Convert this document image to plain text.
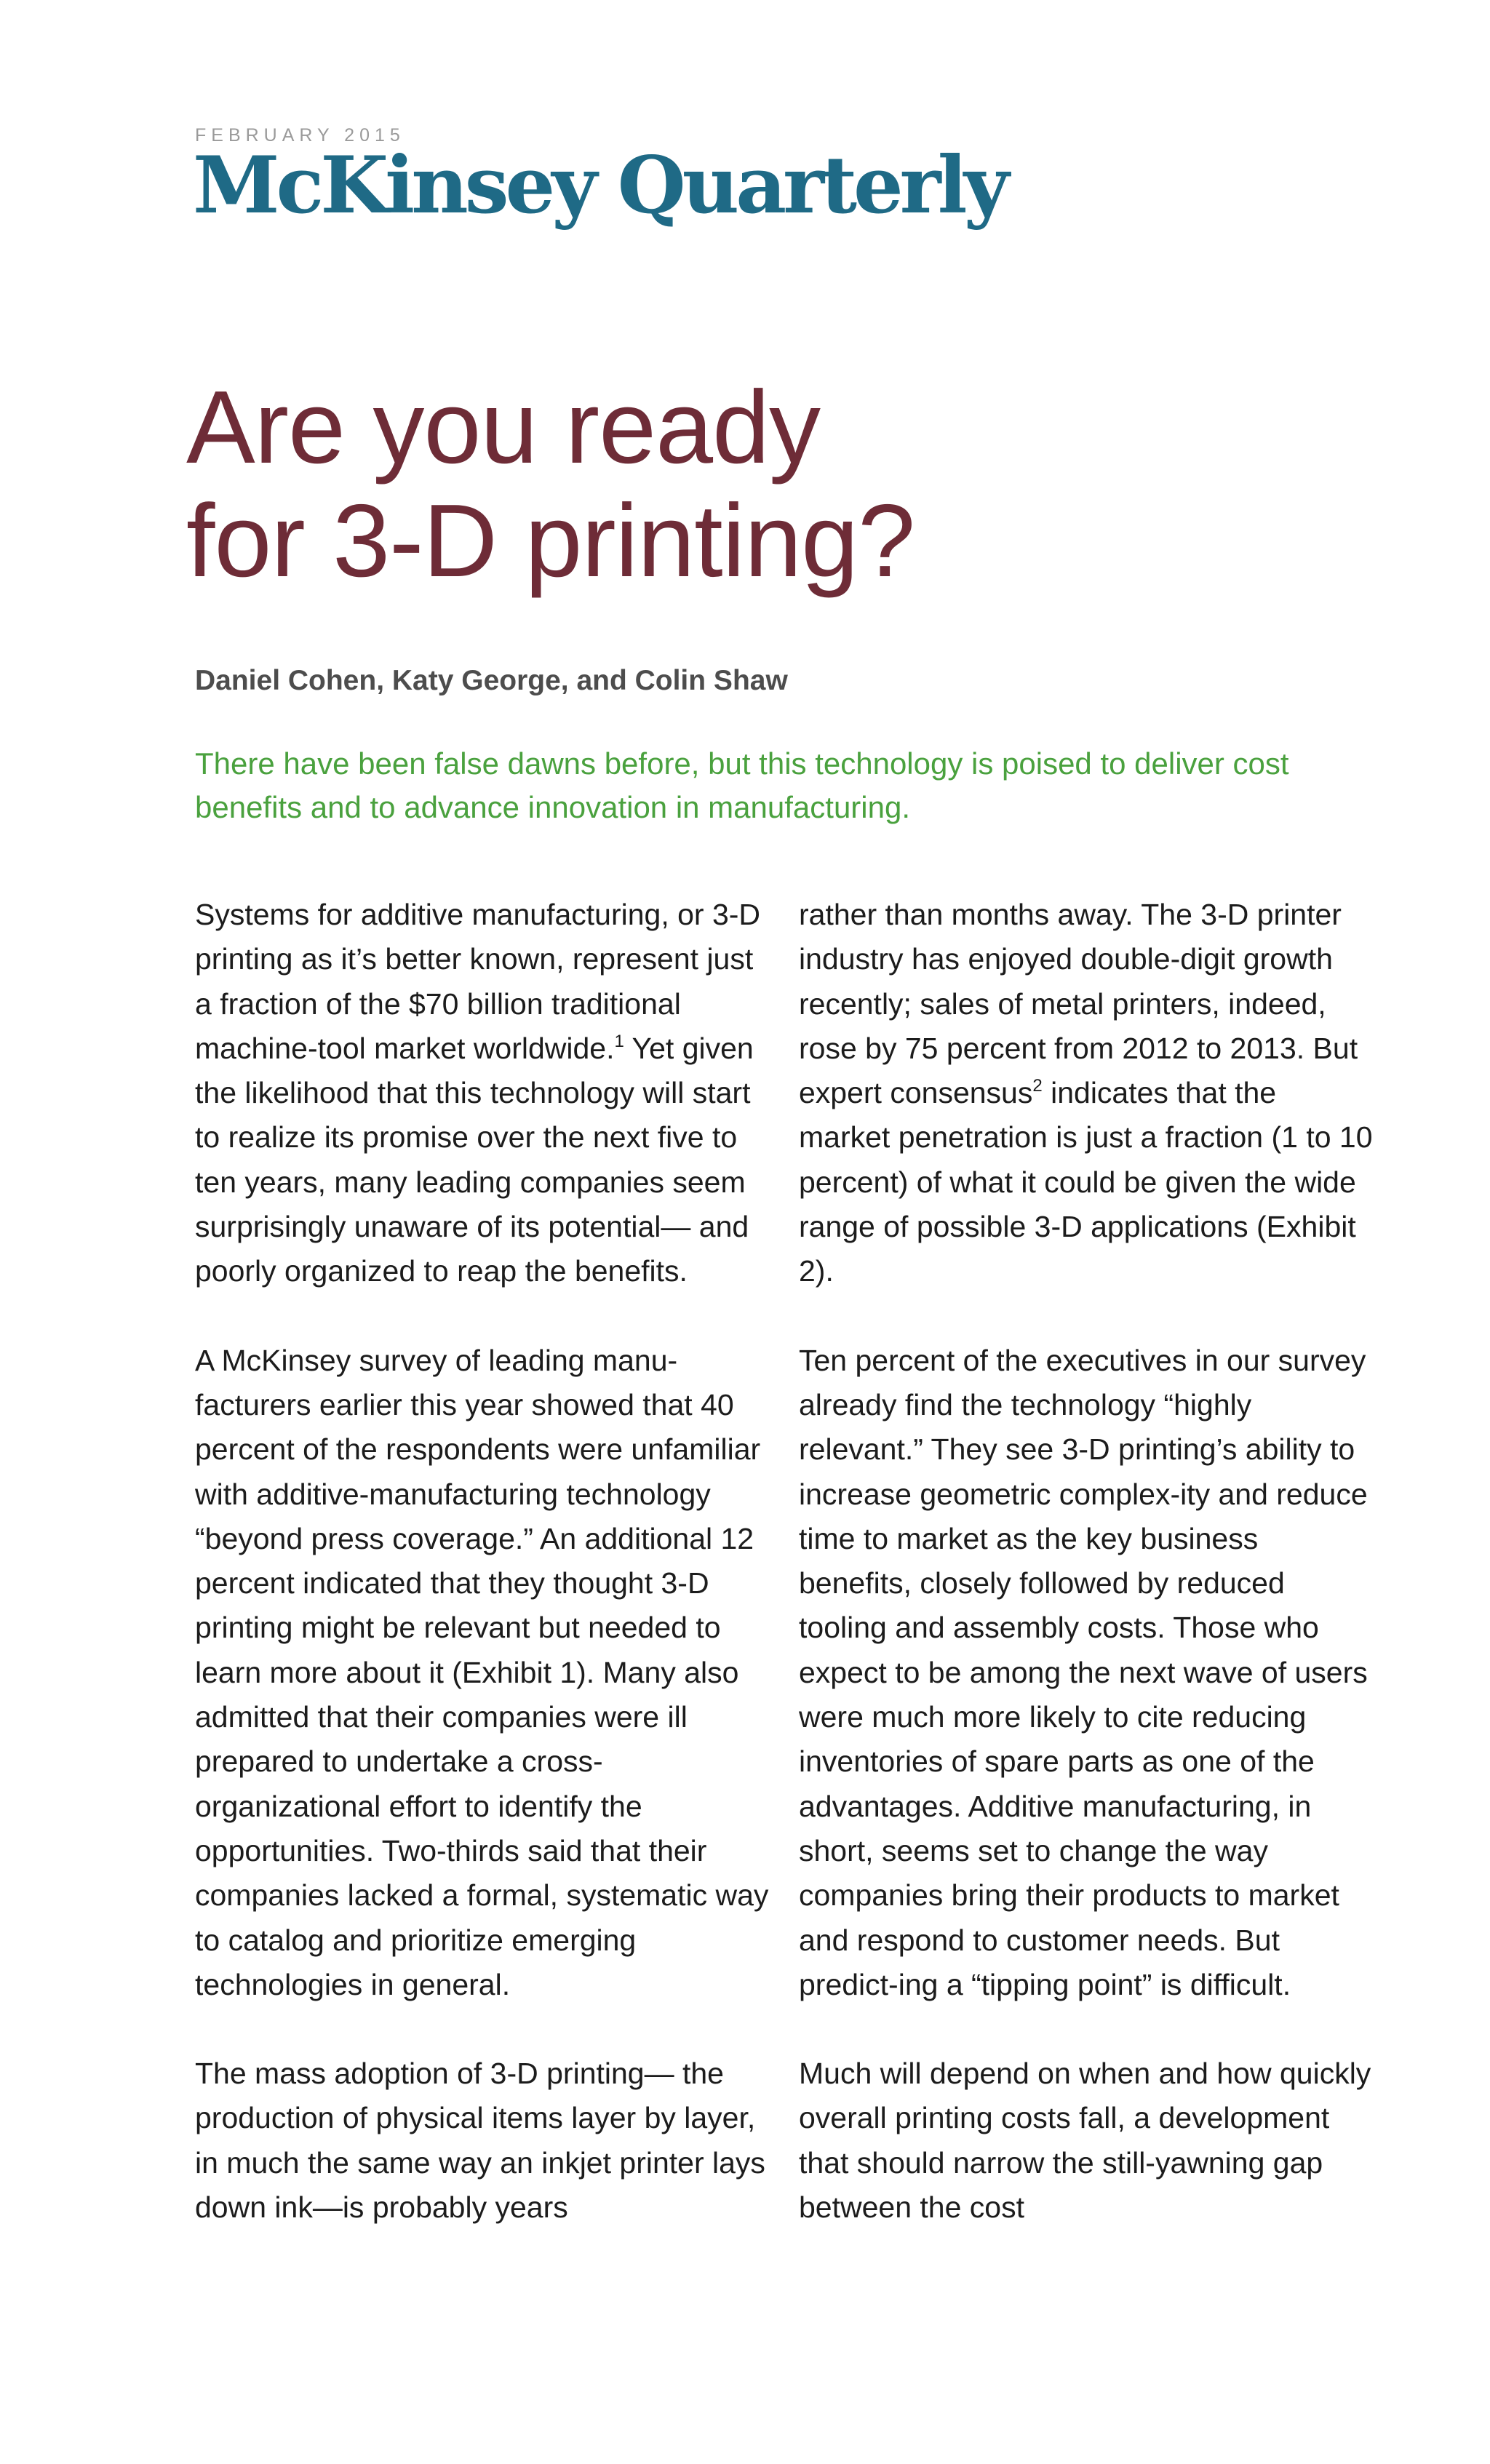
FEBRUARY 2015

McKinsey Quarterly
Are you ready
for 3-D printing?

Daniel Cohen, Katy George, and Colin Shaw

There have been false dawns before, but this technology is poised to deliver cost
benefits and to advance innovation in manufacturing.

Systems for additive manufacturing, or 3-D printing as it’s better known, represent just a fraction of the $70 billion traditional machine-tool market worldwide.$^1$ Yet given the likelihood that this technology will start to realize its promise over the next five to ten years, many leading companies seem surprisingly unaware of its potential— and poorly organized to reap the benefits.

A McKinsey survey of leading manu-facturers earlier this year showed that 40 percent of the respondents were unfamiliar with additive-manufacturing technology “beyond press coverage.” An additional 12 percent indicated that they thought 3-D printing might be relevant but needed to learn more about it (Exhibit 1). Many also admitted that their companies were ill prepared to undertake a cross-organizational effort to identify the opportunities. Two-thirds said that their companies lacked a formal, systematic way to catalog and prioritize emerging technologies in general.

The mass adoption of 3-D printing— the production of physical items layer by layer, in much the same way an inkjet printer lays down ink—is probably years

rather than months away. The 3-D printer industry has enjoyed double-digit growth recently; sales of metal printers, indeed, rose by 75 percent from 2012 to 2013. But expert consensus$^2$ indicates that the market penetration is just a fraction (1 to 10 percent) of what it could be given the wide range of possible 3-D applications (Exhibit 2).

Ten percent of the executives in our survey already find the technology “highly relevant.” They see 3-D printing’s ability to increase geometric complex-ity and reduce time to market as the key business benefits, closely followed by reduced tooling and assembly costs. Those who expect to be among the next wave of users were much more likely to cite reducing inventories of spare parts as one of the advantages. Additive manufacturing, in short, seems set to change the way companies bring their products to market and respond to customer needs. But predict-ing a “tipping point” is difficult.

Much will depend on when and how quickly overall printing costs fall, a development that should narrow the still-yawning gap between the cost
